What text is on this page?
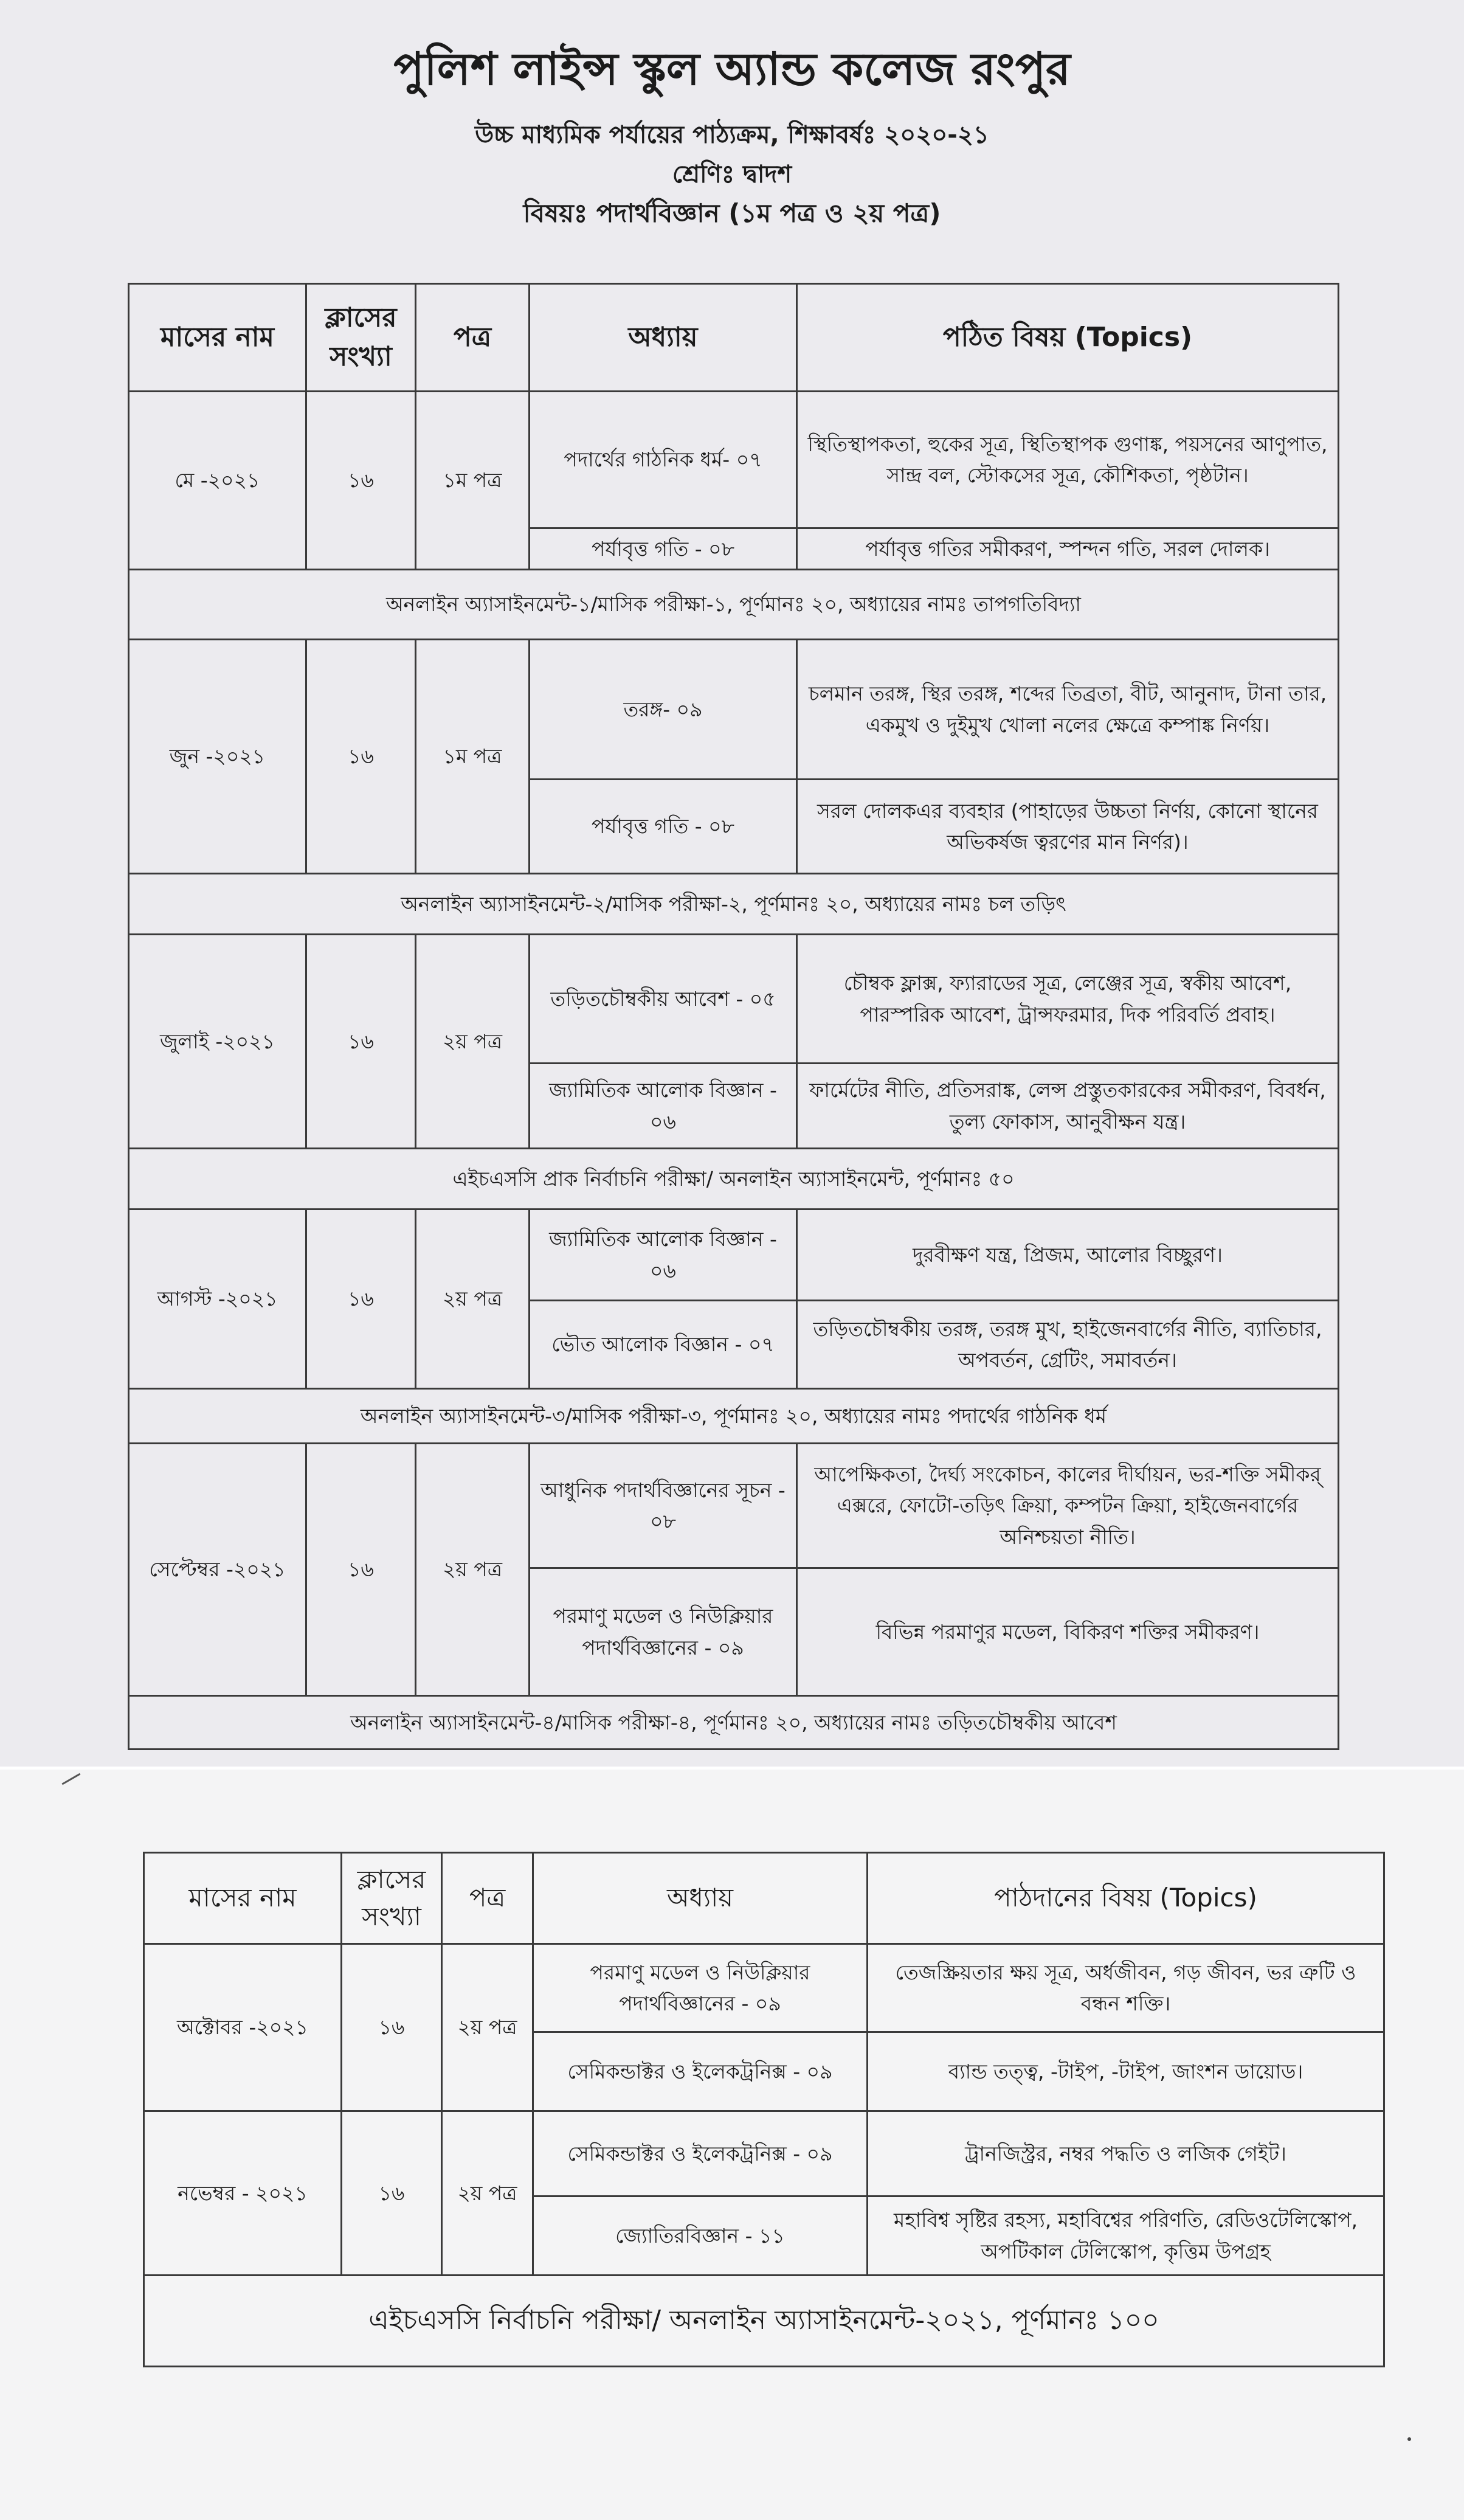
পুলিশ লাইন্স স্কুল অ্যান্ড কলেজ রংপুর
উচ্চ মাধ্যমিক পর্যায়ের পাঠ্যক্রম, শিক্ষাবর্ষঃ ২০২০-২১
শ্রেণিঃ দ্বাদশ
বিষয়ঃ পদার্থবিজ্ঞান (১ম পত্র ও ২য় পত্র)
মাসের নাম	ক্লাসের সংখ্যা	পত্র	অধ্যায়	পঠিত বিষয় (Topics)
মে -২০২১	১৬	১ম পত্র	পদার্থের গাঠনিক ধর্ম- ০৭	স্থিতিস্থাপকতা, হুকের সূত্র, স্থিতিস্থাপক গুণাঙ্ক, পয়সনের আণুপাত, সান্দ্র বল, স্টোকসের সূত্র, কৌশিকতা, পৃষ্ঠটান।
			পর্যাবৃত্ত গতি - ০৮	পর্যাবৃত্ত গতির সমীকরণ, স্পন্দন গতি, সরল দোলক।
অনলাইন অ্যাসাইনমেন্ট-১/মাসিক পরীক্ষা-১, পূর্ণমানঃ ২০, অধ্যায়ের নামঃ তাপগতিবিদ্যা				
জুন -২০২১	১৬	১ম পত্র	তরঙ্গ- ০৯	চলমান তরঙ্গ, স্থির তরঙ্গ, শব্দের তিব্রতা, বীট, আনুনাদ, টানা তার, একমুখ ও দুইমুখ খোলা নলের ক্ষেত্রে কম্পাঙ্ক নির্ণয়।
			পর্যাবৃত্ত গতি - ০৮	সরল দোলকএর ব্যবহার (পাহাড়ের উচ্চতা নির্ণয়, কোনো স্থানের অভিকর্ষজ ত্বরণের মান নির্ণর)।
অনলাইন অ্যাসাইনমেন্ট-২/মাসিক পরীক্ষা-২, পূর্ণমানঃ ২০, অধ্যায়ের নামঃ চল তড়িৎ				
জুলাই -২০২১	১৬	২য় পত্র	তড়িতচৌম্বকীয় আবেশ - ০৫	চৌম্বক ফ্লাক্স, ফ্যারাডের সূত্র, লেঞ্জের সূত্র, স্বকীয় আবেশ, পারস্পরিক আবেশ, ট্রান্সফরমার, দিক পরিবর্তি প্রবাহ।
			জ্যামিতিক আলোক বিজ্ঞান - ০৬	ফার্মেটের নীতি, প্রতিসরাঙ্ক, লেন্স প্রস্তুতকারকের সমীকরণ, বিবর্ধন, তুল্য ফোকাস, আনুবীক্ষন যন্ত্র।
এইচএসসি প্রাক নির্বাচনি পরীক্ষা/ অনলাইন অ্যাসাইনমেন্ট, পূর্ণমানঃ ৫০				
আগস্ট -২০২১	১৬	২য় পত্র	জ্যামিতিক আলোক বিজ্ঞান - ০৬	দুরবীক্ষণ যন্ত্র, প্রিজম, আলোর বিচ্ছুরণ।
			ভৌত আলোক বিজ্ঞান - ০৭	তড়িতচৌম্বকীয় তরঙ্গ, তরঙ্গ মুখ, হাইজেনবার্গের নীতি, ব্যাতিচার, অপবর্তন, গ্রেটিং, সমাবর্তন।
অনলাইন অ্যাসাইনমেন্ট-৩/মাসিক পরীক্ষা-৩, পূর্ণমানঃ ২০, অধ্যায়ের নামঃ পদার্থের গাঠনিক ধর্ম				
সেপ্টেম্বর -২০২১	১৬	২য় পত্র	আধুনিক পদার্থবিজ্ঞানের সূচন - ০৮	আপেক্ষিকতা, দৈর্ঘ্য সংকোচন, কালের দীর্ঘায়ন, ভর-শক্তি সমীকর্ এক্সরে, ফোটো-তড়িৎ ক্রিয়া, কম্পটন ক্রিয়া, হাইজেনবার্গের অনিশ্চয়তা নীতি।
			পরমাণু মডেল ও নিউক্লিয়ার পদার্থবিজ্ঞানের - ০৯	বিভিন্ন পরমাণুর মডেল, বিকিরণ শক্তির সমীকরণ।
অনলাইন অ্যাসাইনমেন্ট-৪/মাসিক পরীক্ষা-৪, পূর্ণমানঃ ২০, অধ্যায়ের নামঃ তড়িতচৌম্বকীয় আবেশ				
মাসের নাম	ক্লাসের সংখ্যা	পত্র	অধ্যায়	পাঠদানের বিষয় (Topics)
অক্টোবর -২০২১	১৬	২য় পত্র	পরমাণু মডেল ও নিউক্লিয়ার পদার্থবিজ্ঞানের - ০৯	তেজস্ক্রিয়তার ক্ষয় সূত্র, অর্ধজীবন, গড় জীবন, ভর ত্রুটি ও বন্ধন শক্তি।
			সেমিকন্ডাক্টর ও ইলেকট্রনিক্স - ০৯	ব্যান্ড তত্ত্ব, -টাইপ, -টাইপ, জাংশন ডায়োড।
নভেম্বর - ২০২১	১৬	২য় পত্র	সেমিকন্ডাক্টর ও ইলেকট্রনিক্স - ০৯	ট্রানজিস্ট্রর, নম্বর পদ্ধতি ও লজিক গেইট।
			জ্যোতিরবিজ্ঞান - ১১	মহাবিশ্ব সৃষ্টির রহস্য, মহাবিশ্বের পরিণতি, রেডিওটেলিস্কোপ, অপটিকাল টেলিস্কোপ, কৃত্তিম উপগ্রহ
এইচএসসি নির্বাচনি পরীক্ষা/ অনলাইন অ্যাসাইনমেন্ট-২০২১, পূর্ণমানঃ ১০০				
